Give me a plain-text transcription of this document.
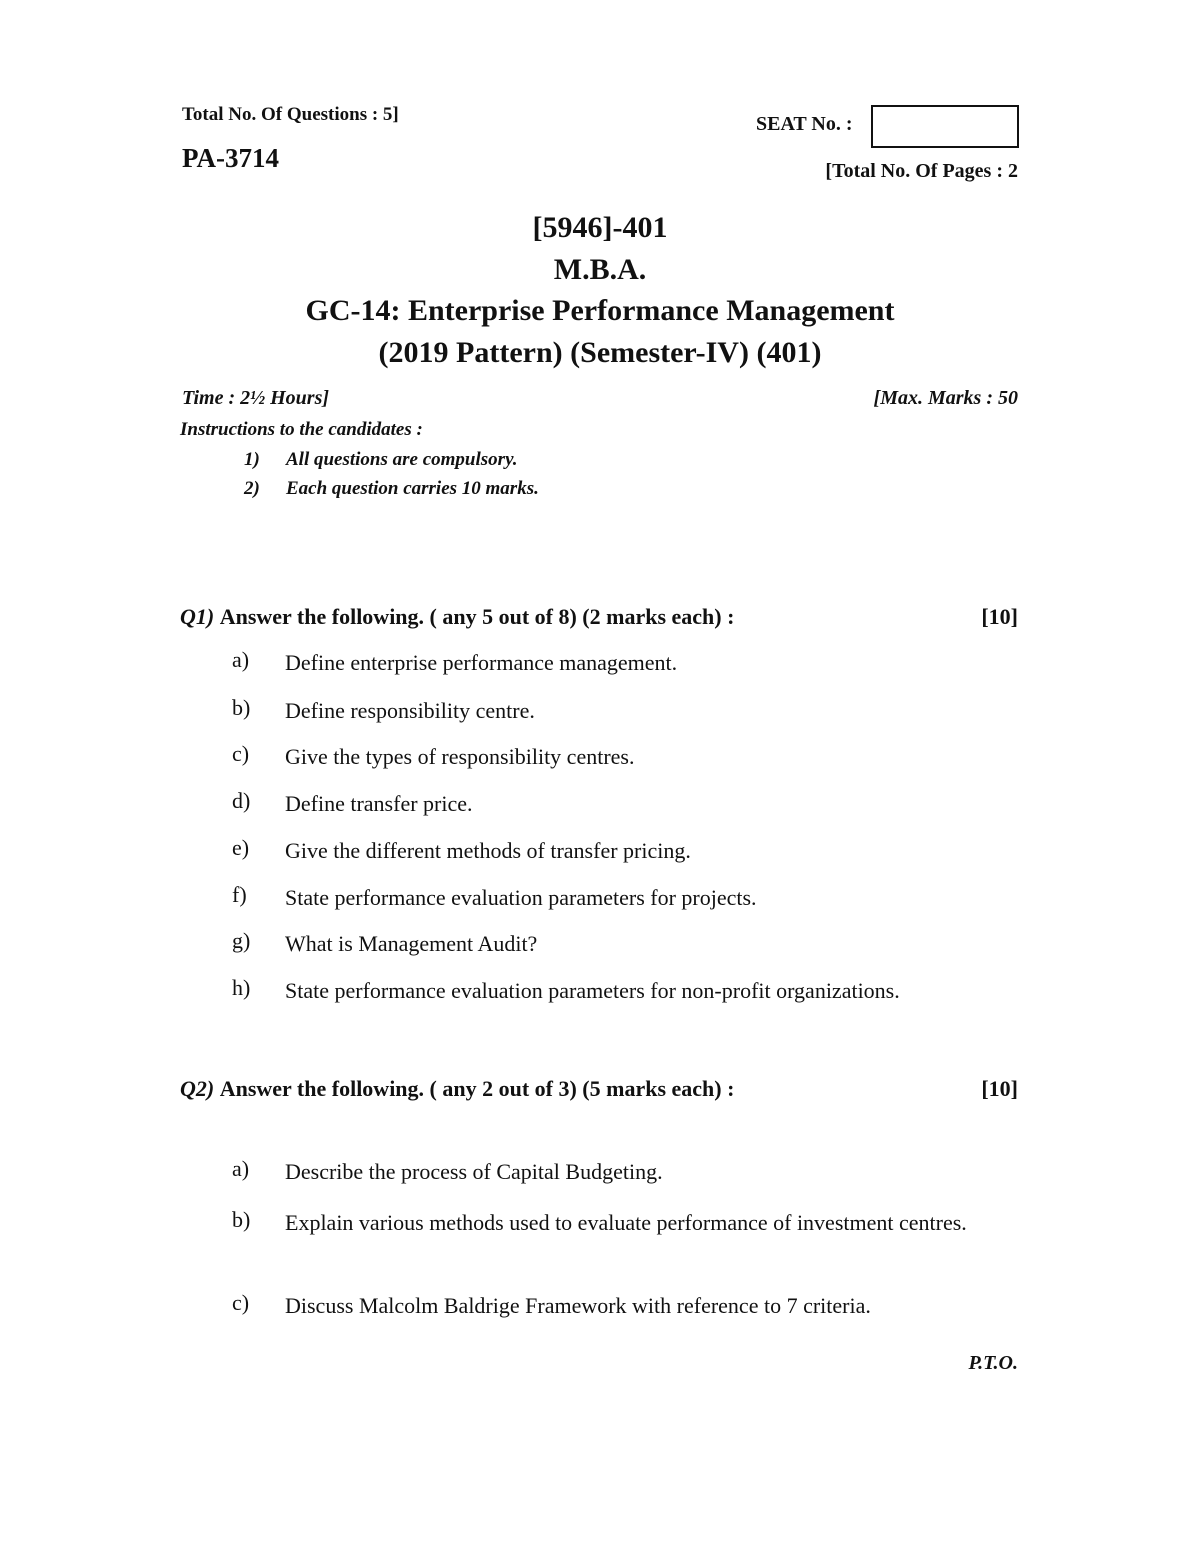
Total No. Of Questions : 5]
PA-3714
SEAT No. :
[Total No. Of Pages : 2
[5946]-401
M.B.A.
GC-14: Enterprise Performance Management
(2019 Pattern) (Semester-IV) (401)
Time : 2½ Hours]	[Max. Marks : 50
Instructions to the candidates :
1) All questions are compulsory.
2) Each question carries 10 marks.
Q1) Answer the following. ( any 5 out of 8) (2 marks each) :	[10]
a)	Define enterprise performance management.
b)	Define responsibility centre.
c)	Give the types of responsibility centres.
d)	Define transfer price.
e)	Give the different methods of transfer pricing.
f)	State performance evaluation parameters for projects.
g)	What is Management Audit?
h)	State performance evaluation parameters for non-profit organizations.
Q2) Answer the following. ( any 2 out of 3) (5 marks each) :	[10]
a)	Describe the process of Capital Budgeting.
b)	Explain various methods used to evaluate performance of investment centres.
c)	Discuss Malcolm Baldrige Framework with reference to 7 criteria.
P.T.O.
